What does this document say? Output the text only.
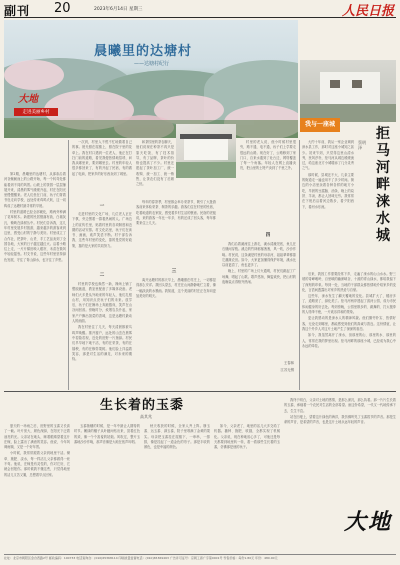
副刊 20	2023年6月14日 星期三	人民日报
晨曦里的达塘村
——达塘村纪行
大地
走进美丽乡村
我与一座城

第2期，晨曦里的达塘村，从那条沿着河谷蜿蜒而上的公路开始，每一个转弯处都能看到不同的风景。山坡上的茶园一层层铺展开来，清晨的雾气缓缓升起，村庄在阳光里慢慢醒来。老人们坐在门前，孩子们背着书包走向学校，远处传来鸡鸣犬吠，这一切构成了达塘村最寻常的早晨。

村里的道路已经全部硬化，路两旁种满了花草树木。新建的民居错落有致，白墙灰瓦，掩映在绿树丛中。村民们告诉我，这几年村里发展乡村旅游，越来越多的游客来到这里，感受山村的宁静与美好。村里成立了合作社，把茶叶、山货、手工艺品卖到了全国各地，大家的日子越过越红火。沿着小路往上走，一片片梯田映入眼帘，禾苗在微风中轻轻摇曳。村支书说，这些年村里坚持绿色发展，守住了青山绿水，也守住了乡愁。

一次到，村里人不慌不忙地做着自己的事。晨光照在屋檐上，照在院子里的花草上。我在村口遇到一位老人，他正在打扫门前的道路，看见我便热情地招呼，问我从哪里来，要到哪里去。村里的年轻人很多都回来了，有的开起了民宿，有的做起了电商，把家乡的好东西卖到了城里。

一

走进村里的文化广场，几位老人正在下棋，旁边围着一群看热闹的人。广场边上的宣传栏里，贴着村里的各项制度和近期的活动安排。村文化站里，孩子们在读书、画画，欢声笑语不断。村干部告诉我，这些年村里的变化，靠的是党的好政策，靠的是大家的共同努力。

二

村里的学校也焕然一新，操场上铺了塑胶跑道，教室里配备了多媒体设备。老师们大多是从外地来的年轻人，他们扎根山村，用知识点亮孩子们的未来。放学后，孩子们在操场上奔跑嬉戏，笑声在山谷间回荡。傍晚时分，炊烟袅袅升起，家家户户飘出饭菜的香味，这是达塘村最动人的画面。

我在村里住了几天，每天清晨都被鸟鸣声唤醒。推开窗户，远处的山峦在晨雾中若隐若现，近处的田野一片葱绿。村民们早早地下地干活，有的在采茶，有的在插秧，有的在修剪果树。他们脸上洋溢着笑容，那是对生活的满足，对未来的期待。

和茶园里的茶农聊天，他们说现在种茶不再只是靠天吃饭，有了技术指导，有了品牌，茶叶的价格也提高了不少。村里还建起了茶叶加工厂，统一收购、统一加工、统一销售，让茶农们没有了后顾之忧。

每年的春茶季，村里都会举办采茶节，吸引了大批游客前来体验采茶、制茶的乐趣。游客们住在村里的民宿，吃着地道的农家饭，感受着乡村生活的惬意。民宿的老板说，来的游客一年比一年多，有的还成了回头客，每年都要来住上几天。

三

离开达塘村的那天早上，晨曦照在村庄上，一切都显得那么安详。我回头望去，村庄在山间静静地伫立着，像一幅淡淡的水墨画。我知道，这个美丽的村庄正在奔向更加美好的明天。

村里的老人说，他小时候村里很穷，路不通，电不通，孩子们上学要走很远的山路。现在好了，公路修到了家门口，自来水通到了灶台边，网络覆盖了每一个角落。年轻人在网上直播卖货，把山里的土特产卖到了千里之外。

四

我们沿着溪流往上游走，溪水清澈见底，鱼儿在石缝间穿梭。溪边的竹林郁郁葱葱，风一吹，沙沙作响。村民说，这条溪是村里的母亲河，祖祖辈辈都靠它灌溉农田。如今，大家更加懂得保护环境，溪水比以前更清了，鱼也更多了。

晚上，村里的广场上灯火通明，村民们跳起了广场舞，唱起了山歌。歌声悠扬，舞姿欢快，把山村的夜晚装点得格外热闹。

王春林
江苏无锡

大约十年前，我从一家企业调到涞水县工作，那时对这座小城知之甚少。初来乍到，只觉得这里山清水秀，民风淳朴，拒马河从城边缓缓流过，给这座北方小城增添了几分灵秀之气。

那时候，县城还不大，几条主要的街道走一遍也用不了多少时间。街边的小店里卖着各种各样的地方小吃，早晨的豆腐脑、油条，晚上的烧饼、羊汤，都让人回味无穷。我常常在下班后沿着河边散步，看夕阳西下，看河水东流。

蔡明泽
拒马河畔涞水城

后来，我因工作需要经常下乡，走遍了涞水的山山水水。野三坡的奇峰峻岭，百里峡的幽深峡谷，十渡的青山绿水，都给我留下了深刻的印象。每到一处，当地的干部群众都热情地介绍家乡的变化，言语间透露出对家乡的热爱与自豪。

这些年，涞水发生了翻天覆地的变化。县城扩大了，楼房多了，道路宽了，绿化美了。拒马河两岸建起了滨河公园，成为市民休闲健身的好去处。每到傍晚，公园里散步的、跳舞的、打太极拳的人络绎不绝，一片欢乐祥和的景象。

更让我感动的是涞水人的精神风貌。他们勤劳朴实、热情好客，无论走到哪里，都能感受到他们的真诚与善良。这份情谊，让我这个外乡人对这片土地产生了深深的眷恋。

如今，我虽然离开了涞水，但那里的山、那里的水、那里的人，常常在我的梦里出现。拒马河畔的那座小城，已经成为我心中永远的牵挂。

生长着的玉黍
高其兆

夏天的一场雨之后，田野里的玉黍又长高了一截。叶片宽大，颜色深绿，在阳光下泛着油亮的光。父亲站在地头，眯着眼睛望着这片庄稼，脸上露出了满意的笑容。他说，今年风调雨顺，又是一个好年景。

小时候，我常常跟着父亲到地里干活。锄草、施肥、浇水，每一样活儿父亲都做得一丝不苟。他说，庄稼是有灵性的，你对它好，它就会回报你。那时候我不懂这些，只觉得地里的活儿又苦又累，总想着早点回家。

玉黍抽穗的时候，是一年中最让人期待的时节。嫩绿的穗子从叶腋间钻出来，顶着红色的须，像一个个害羞的姑娘。风吹过，整片玉黍地沙沙作响，那声音像是大地在低声吟唱。

秋天收获的时候，全家人齐上阵。掰玉黍、运玉黍、剥玉黍，院子里堆满了金黄的果实。母亲把玉黍挂在屋檐下，一串串，一排排，像是挂起了一道金色的帘子。那是丰收的颜色，也是幸福的颜色。

如今，父亲老了，地里的活儿大多交给了机器。播种、施肥、收割，全都实现了机械化。父亲说，现在种地省心多了，可他还是每天都要到地里转一转，看一看那些生长着的玉黍，仿佛那是他的孩子。

我终于明白，父亲对土地的感情，是那么深沉，那么执着。那一片片生长着的玉黍，承载着一个农民对生活的全部希望。而这份希望，一代又一代地传承下去，生生不息。

站在田埂上，望着这片绿色的海洋，我仿佛听见了玉黍拔节的声音。那是生命的声音，是希望的声音，也是这片土地永远年轻的声音。

大地
社址：北京市朝阳区金台西路2号 邮政编码：100733 电话查询台：(010)65368114 印刷质量监督电话：(010)65369463 广告许可证号：京朝工商广字第0001号 零售价格：每份1.80元 年价：480.00元
